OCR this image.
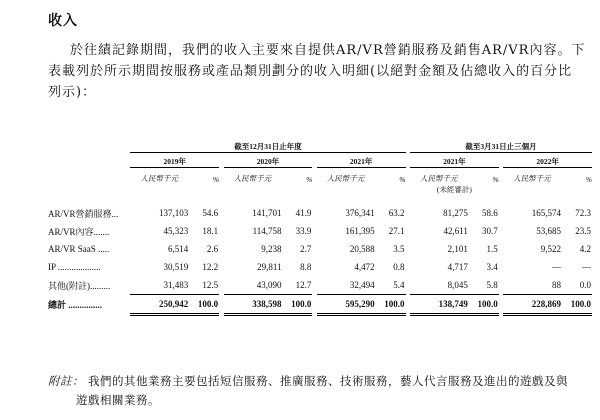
收入

於往績記錄期間，我們的收入主要來自提供AR/VR營銷服務及銷售AR/VR內容。下

表載列於所示期間按服務或產品類別劃分的收入明細(以絕對金額及佔總收入的百分比

列示)：

		截至12月31日止年度									截至3月31日止三個月				
		2019年			2020年			2021年			2021年			2022年	
		人民幣千元	%		人民幣千元	%		人民幣千元	%		人民幣千元	%		人民幣千元	%
											(未經審計)				

AR/VR營銷服務...		137,103	54.6		141,701	41.9		376,341	63.2		81,275	58.6		165,574	72.3
AR/VR內容.......		45,323	18.1		114,758	33.9		161,395	27.1		42,611	30.7		53,685	23.5
AR/VR SaaS .....		6,514	2.6		9,238	2.7		20,588	3.5		2,101	1.5		9,522	4.2
IP ...................		30,519	12.2		29,811	8.8		4,472	0.8		4,717	3.4		—	—
其他(附註).........		31,483	12.5		43,090	12.7		32,494	5.4		8,045	5.8		88	0.0
總計 ...............		250,942	100.0		338,598	100.0		595,290	100.0		138,749	100.0		228,869	100.0
附註： 我們的其他業務主要包括短信服務、推廣服務、技術服務，藝人代言服務及進出的遊戲及與
遊戲相關業務。
